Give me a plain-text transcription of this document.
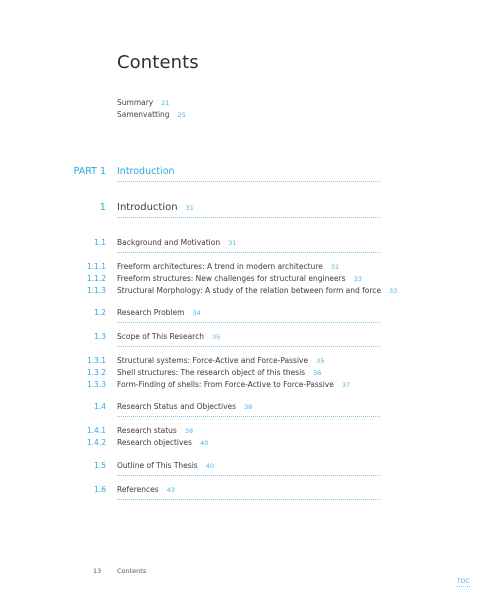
Contents
Summary 21
Samenvatting 25
PART 1 Introduction
1 Introduction 31
1.1 Background and Motivation 31
1.1.1 Freeform architectures: A trend in modern architecture 31
1.1.2 Freeform structures: New challenges for structural engineers 33
1.1.3 Structural Morphology: A study of the relation between form and force 33
1.2 Research Problem 34
1.3 Scope of This Research 35
1.3.1 Structural systems: Force-Active and Force-Passive 35
1.3.2 Shell structures: The research object of this thesis 36
1.3.3 Form-Finding of shells: From Force-Active to Force-Passive 37
1.4 Research Status and Objectives 38
1.4.1 Research status 38
1.4.2 Research objectives 40
1.5 Outline of This Thesis 40
1.6 References 43
13 Contents
TOC
